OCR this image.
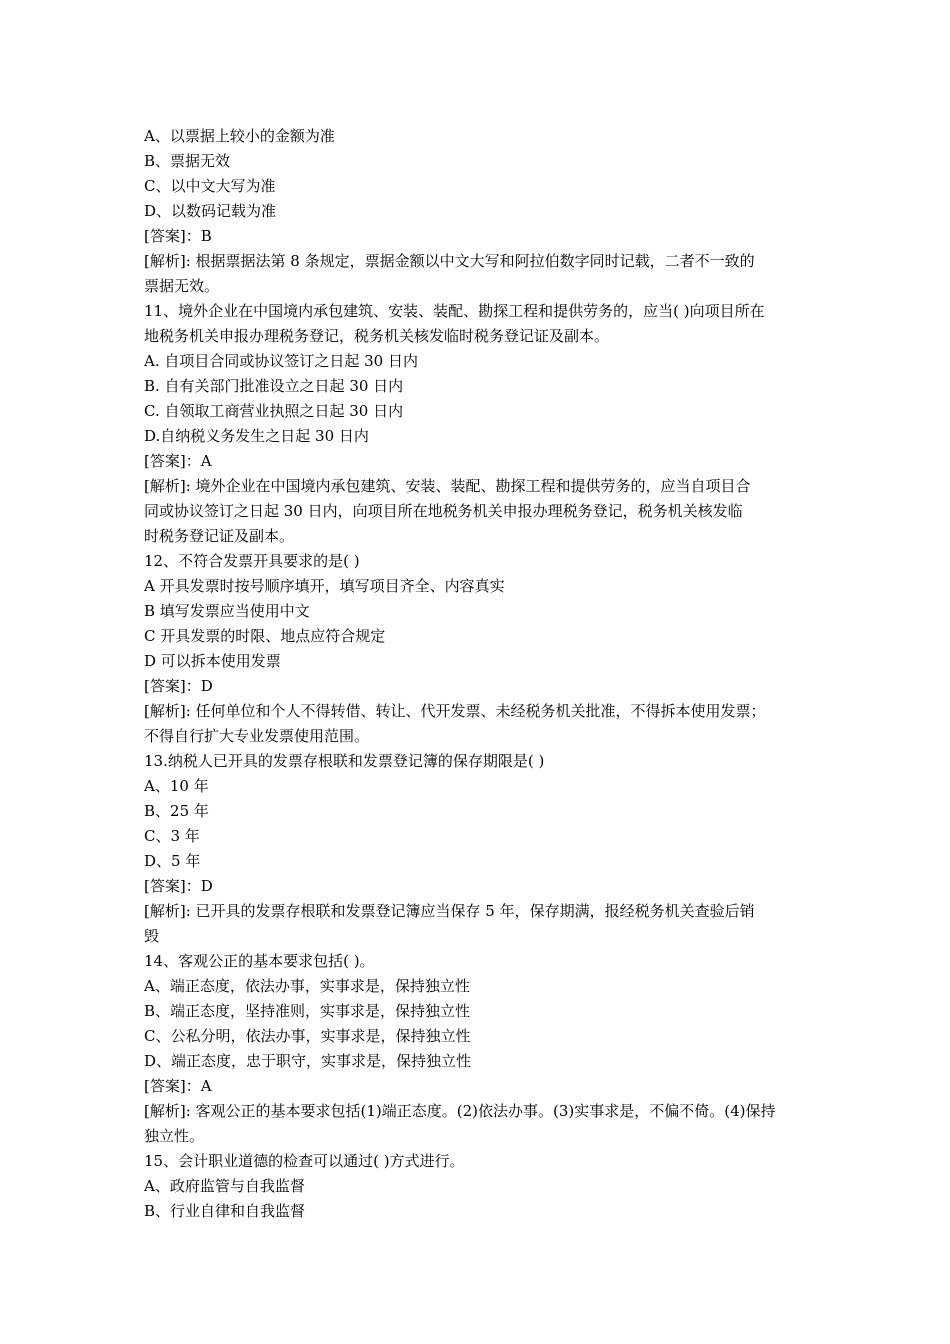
A、以票据上较小的金额为准
B、票据无效
C、以中文大写为准
D、以数码记载为准
[答案]：B
[解析]: 根据票据法第 8 条规定，票据金额以中文大写和阿拉伯数字同时记载，二者不一致的
票据无效。
11、境外企业在中国境内承包建筑、安装、装配、勘探工程和提供劳务的，应当( )向项目所在
地税务机关申报办理税务登记，税务机关核发临时税务登记证及副本。
A. 自项目合同或协议签订之日起 30 日内
B. 自有关部门批准设立之日起 30 日内
C. 自领取工商营业执照之日起 30 日内
D.自纳税义务发生之日起 30 日内
[答案]：A
[解析]: 境外企业在中国境内承包建筑、安装、装配、勘探工程和提供劳务的，应当自项目合
同或协议签订之日起 30 日内，向项目所在地税务机关申报办理税务登记，税务机关核发临
时税务登记证及副本。
12、不符合发票开具要求的是( )
A 开具发票时按号顺序填开，填写项目齐全、内容真实
B 填写发票应当使用中文
C 开具发票的时限、地点应符合规定
D 可以拆本使用发票
[答案]：D
[解析]: 任何单位和个人不得转借、转让、代开发票、未经税务机关批准，不得拆本使用发票；
不得自行扩大专业发票使用范围。
13.纳税人已开具的发票存根联和发票登记簿的保存期限是( )
A、10 年
B、25 年
C、3 年
D、5 年
[答案]：D
[解析]: 已开具的发票存根联和发票登记簿应当保存 5 年，保存期满，报经税务机关查验后销
毁
14、客观公正的基本要求包括( )。
A、端正态度，依法办事，实事求是，保持独立性
B、端正态度，坚持准则，实事求是，保持独立性
C、公私分明，依法办事，实事求是，保持独立性
D、端正态度，忠于职守，实事求是，保持独立性
[答案]：A
[解析]: 客观公正的基本要求包括(1)端正态度。(2)依法办事。(3)实事求是，不偏不倚。(4)保持
独立性。
15、会计职业道德的检查可以通过( )方式进行。
A、政府监管与自我监督
B、行业自律和自我监督
